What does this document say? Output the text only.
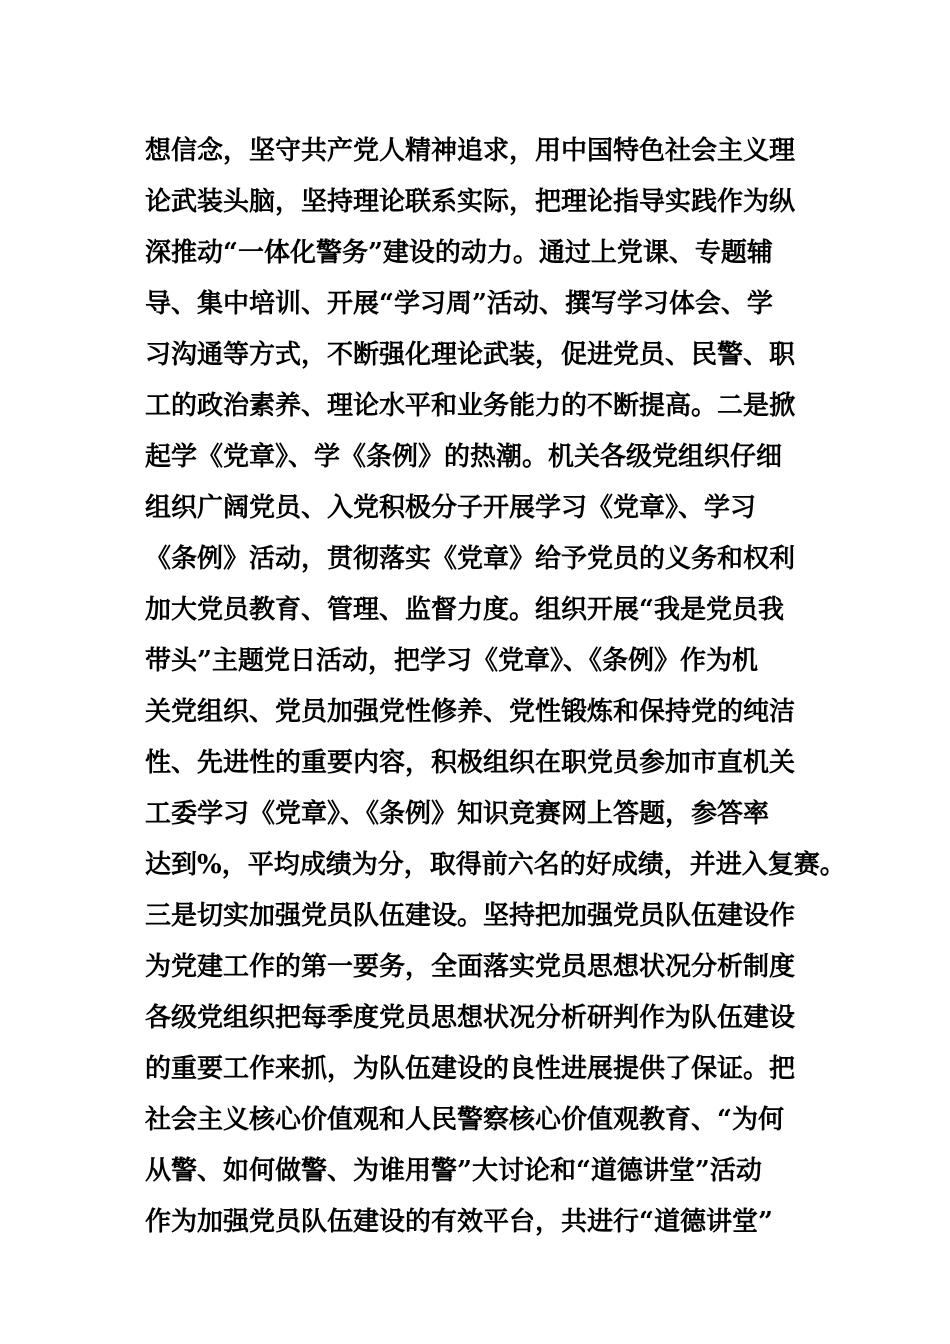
想信念，坚守共产党人精神追求，用中国特色社会主义理
论武装头脑，坚持理论联系实际，把理论指导实践作为纵
深推动“一体化警务”建设的动力。通过上党课、专题辅
导、集中培训、开展“学习周”活动、撰写学习体会、学
习沟通等方式，不断强化理论武装，促进党员、民警、职
工的政治素养、理论水平和业务能力的不断提高。二是掀
起学《党章》、学《条例》的热潮。机关各级党组织仔细
组织广阔党员、入党积极分子开展学习《党章》、学习
《条例》活动，贯彻落实《党章》给予党员的义务和权利
加大党员教育、管理、监督力度。组织开展“我是党员我
带头”主题党日活动，把学习《党章》、《条例》作为机
关党组织、党员加强党性修养、党性锻炼和保持党的纯洁
性、先进性的重要内容，积极组织在职党员参加市直机关
工委学习《党章》、《条例》知识竞赛网上答题，参答率
达到%，平均成绩为分，取得前六名的好成绩，并进入复赛。
三是切实加强党员队伍建设。坚持把加强党员队伍建设作
为党建工作的第一要务，全面落实党员思想状况分析制度
各级党组织把每季度党员思想状况分析研判作为队伍建设
的重要工作来抓，为队伍建设的良性进展提供了保证。把
社会主义核心价值观和人民警察核心价值观教育、“为何
从警、如何做警、为谁用警”大讨论和“道德讲堂”活动
作为加强党员队伍建设的有效平台，共进行“道德讲堂”
